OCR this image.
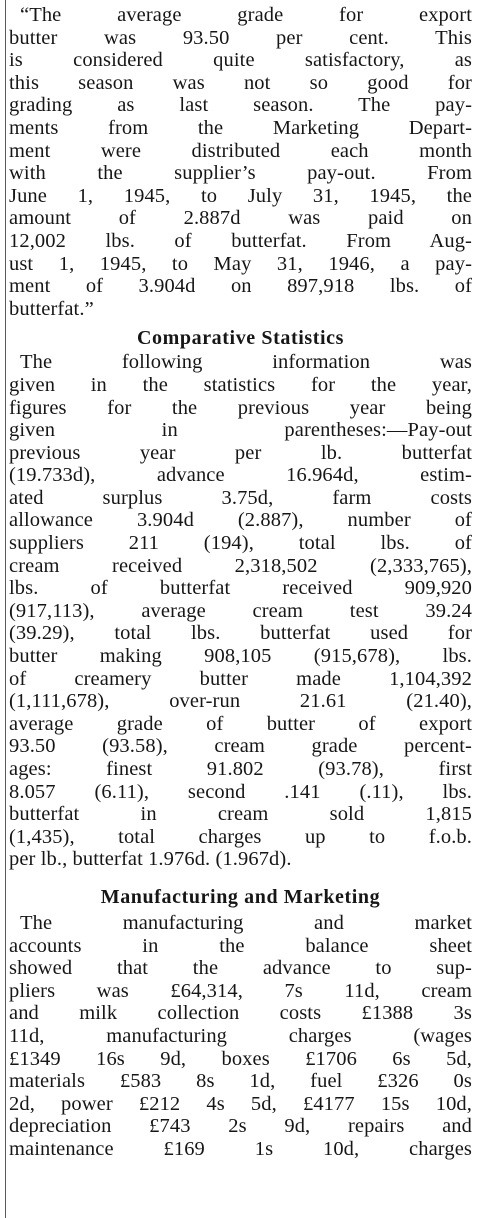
“The average grade for export
butter was 93.50 per cent. This
is considered quite satisfactory, as
this season was not so good for
grading as last season. The pay-
ments from the Marketing Depart-
ment were distributed each month
with the supplier’s pay-out. From
June 1, 1945, to July 31, 1945, the
amount of 2.887d was paid on
12,002 lbs. of butterfat. From Aug-
ust 1, 1945, to May 31, 1946, a pay-
ment of 3.904d on 897,918 lbs. of
butterfat.”
Comparative Statistics
The following information was
given in the statistics for the year,
figures for the previous year being
given in parentheses:—Pay-out
previous year per lb. butterfat
(19.733d), advance 16.964d, estim-
ated surplus 3.75d, farm costs
allowance 3.904d (2.887), number of
suppliers 211 (194), total lbs. of
cream received 2,318,502 (2,333,765),
lbs. of butterfat received 909,920
(917,113), average cream test 39.24
(39.29), total lbs. butterfat used for
butter making 908,105 (915,678), lbs.
of creamery butter made 1,104,392
(1,111,678), over-run 21.61 (21.40),
average grade of butter of export
93.50 (93.58), cream grade percent-
ages: finest 91.802 (93.78), first
8.057 (6.11), second .141 (.11), lbs.
butterfat in cream sold 1,815
(1,435), total charges up to f.o.b.
per lb., butterfat 1.976d. (1.967d).
Manufacturing and Marketing
The manufacturing and market
accounts in the balance sheet
showed that the advance to sup-
pliers was £64,314, 7s 11d, cream
and milk collection costs £1388 3s
11d, manufacturing charges (wages
£1349 16s 9d, boxes £1706 6s 5d,
materials £583 8s 1d, fuel £326 0s
2d, power £212 4s 5d, £4177 15s 10d,
depreciation £743 2s 9d, repairs and
maintenance £169 1s 10d, charges
